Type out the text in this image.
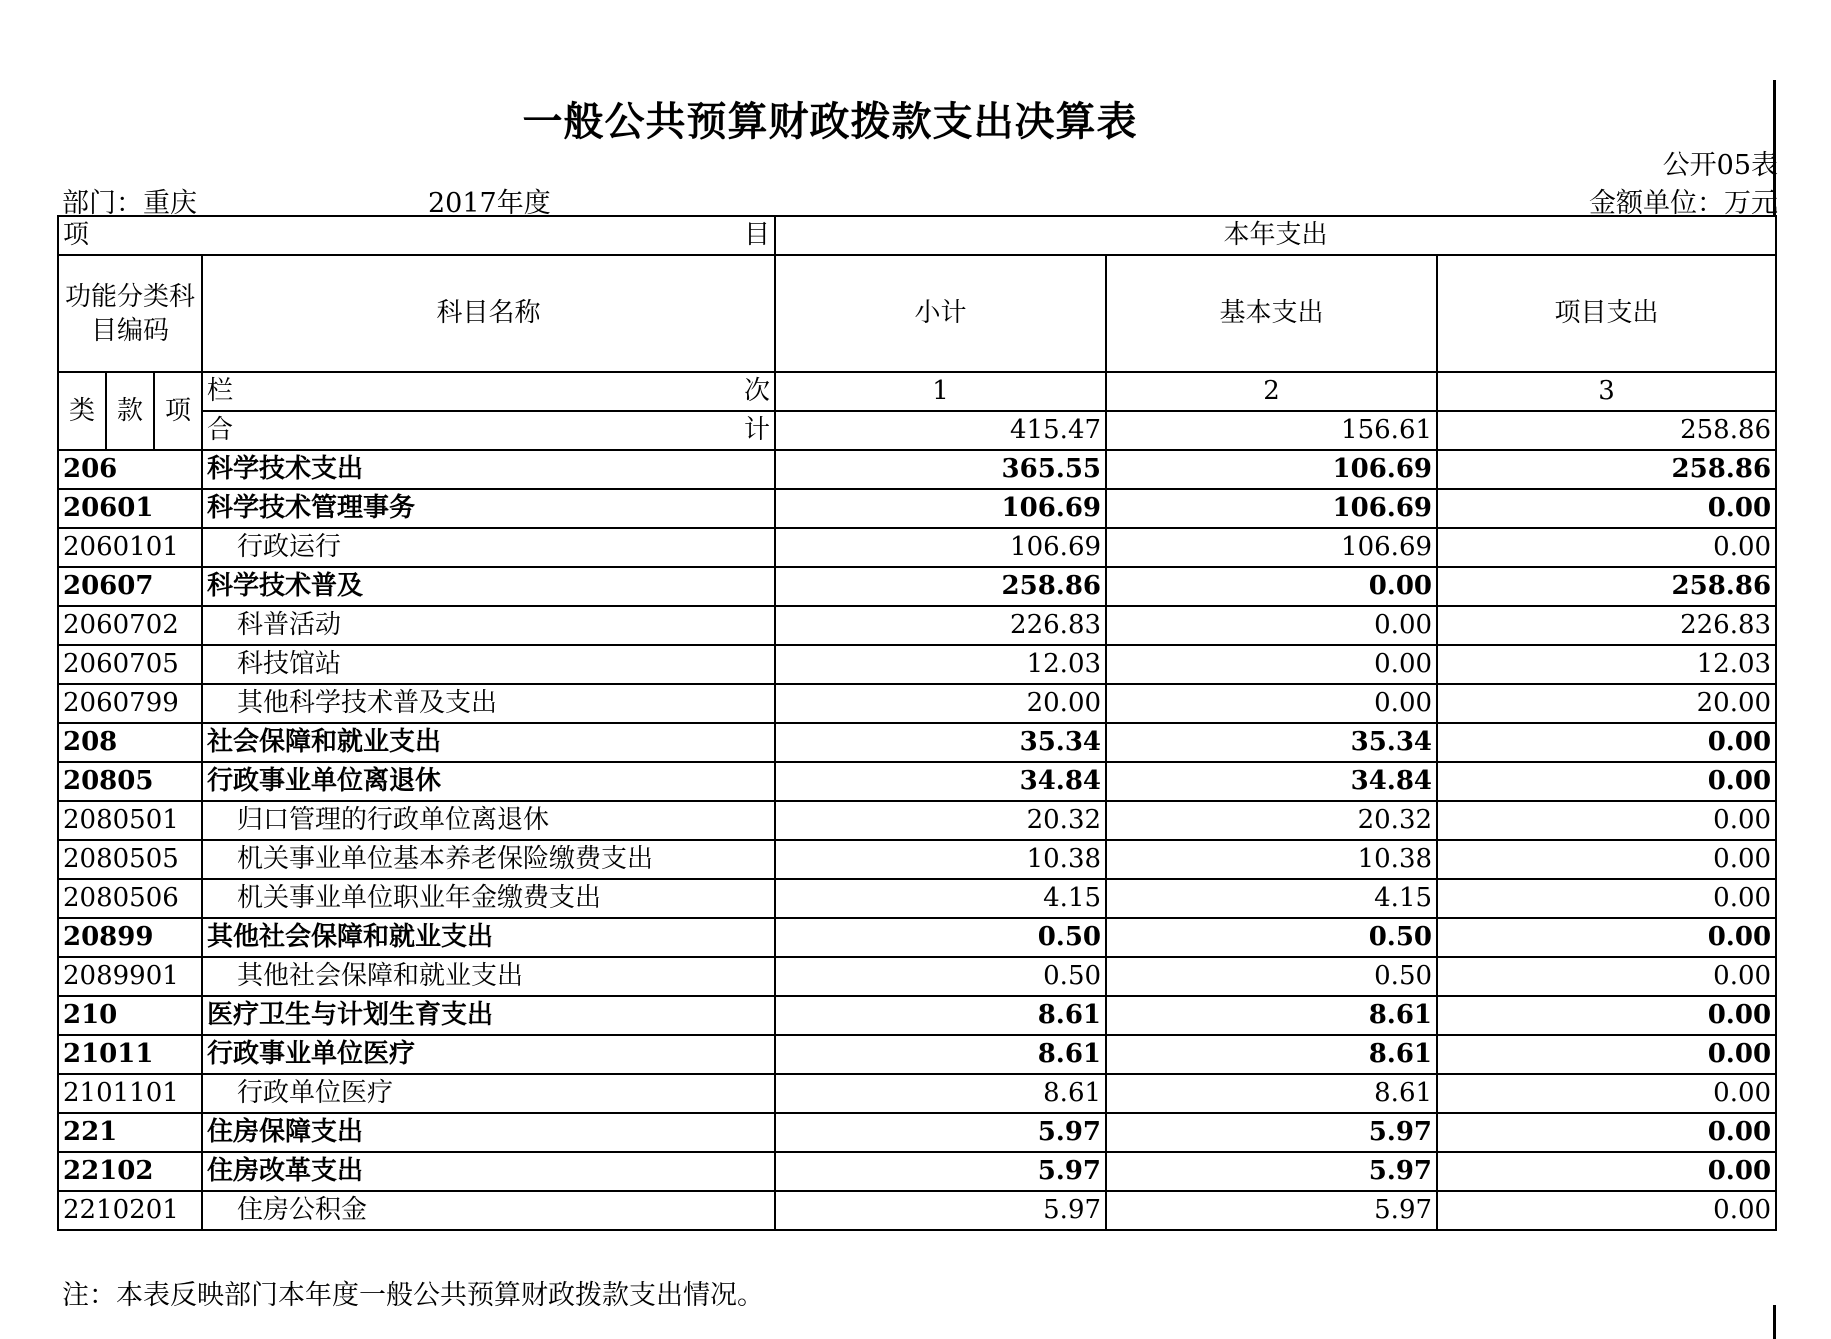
一般公共预算财政拨款支出决算表
公开05表
部门：重庆	2017年度	金额单位：万元
项 目				本年支出		
功能分类科目编码			科目名称	小计	基本支出	项目支出
类	款	项	栏 次	1	2	3

			合 计	415.47	156.61	258.86
206			科学技术支出	365.55	106.69	258.86
20601			科学技术管理事务	106.69	106.69	0.00
2060101			行政运行	106.69	106.69	0.00
20607			科学技术普及	258.86	0.00	258.86
2060702			科普活动	226.83	0.00	226.83
2060705			科技馆站	12.03	0.00	12.03
2060799			其他科学技术普及支出	20.00	0.00	20.00
208			社会保障和就业支出	35.34	35.34	0.00
20805			行政事业单位离退休	34.84	34.84	0.00
2080501			归口管理的行政单位离退休	20.32	20.32	0.00
2080505			机关事业单位基本养老保险缴费支出	10.38	10.38	0.00
2080506			机关事业单位职业年金缴费支出	4.15	4.15	0.00
20899			其他社会保障和就业支出	0.50	0.50	0.00
2089901			其他社会保障和就业支出	0.50	0.50	0.00
210			医疗卫生与计划生育支出	8.61	8.61	0.00
21011			行政事业单位医疗	8.61	8.61	0.00
2101101			行政单位医疗	8.61	8.61	0.00
221			住房保障支出	5.97	5.97	0.00
22102			住房改革支出	5.97	5.97	0.00
2210201			住房公积金	5.97	5.97	0.00
注：本表反映部门本年度一般公共预算财政拨款支出情况。
